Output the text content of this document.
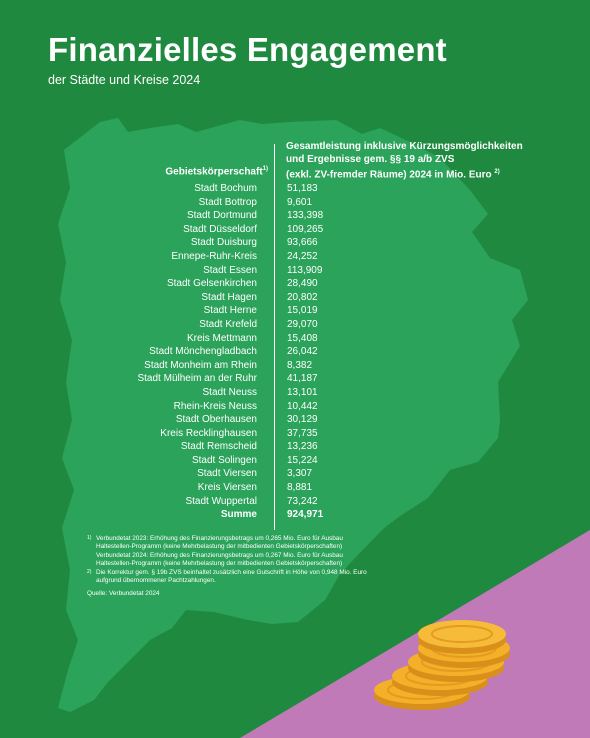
Finanzielles Engagement
der Städte und Kreise 2024
Gebietskörperschaft$^{1)}$
Gesamtleistung inklusive Kürzungsmöglichkeiten
und Ergebnisse gem. §§ 19 a/b ZVS
(exkl. ZV-fremder Räume) 2024 in Mio. Euro $^{2)}$
Stadt Bochum	51,183
Stadt Bottrop	9,601
Stadt Dortmund	133,398
Stadt Düsseldorf	109,265
Stadt Duisburg	93,666
Ennepe-Ruhr-Kreis	24,252
Stadt Essen	113,909
Stadt Gelsenkirchen	28,490
Stadt Hagen	20,802
Stadt Herne	15,019
Stadt Krefeld	29,070
Kreis Mettmann	15,408
Stadt Mönchengladbach	26,042
Stadt Monheim am Rhein	8,382
Stadt Mülheim an der Ruhr	41,187
Stadt Neuss	13,101
Rhein-Kreis Neuss	10,442
Stadt Oberhausen	30,129
Kreis Recklinghausen	37,735
Stadt Remscheid	13,236
Stadt Solingen	15,224
Stadt Viersen	3,307
Kreis Viersen	8,881
Stadt Wuppertal	73,242
Summe	924,971
1) Verbundetat 2023: Erhöhung des Finanzierungsbetrags um 0,265 Mio. Euro für Ausbau

Haltestellen-Programm (keine Mehrbelastung der mitbedienten Gebietskörperschaften)

Verbundetat 2024: Erhöhung des Finanzierungsbetrags um 0,267 Mio. Euro für Ausbau

Haltestellen-Programm (keine Mehrbelastung der mitbedienten Gebietskörperschaften)

2) Die Korrektur gem. § 19b ZVS beinhaltet zusätzlich eine Gutschrift in Höhe von 0,948 Mio. Euro

aufgrund übernommener Pachtzahlungen.

Quelle: Verbundetat 2024
